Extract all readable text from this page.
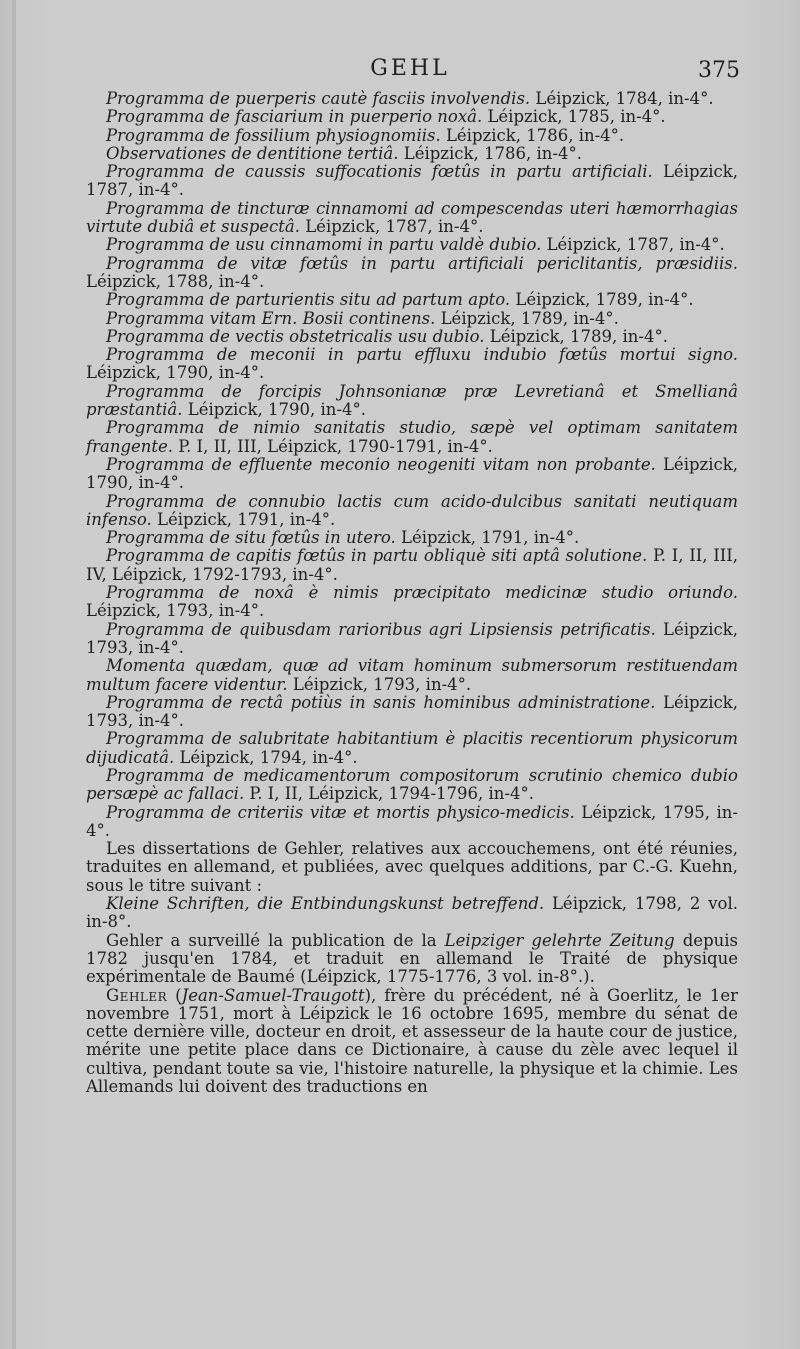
GEHL	375

Programma de puerperis cautè fasciis involvendis. Léipzick, 1784, in-4°.

Programma de fasciarium in puerperio noxâ. Léipzick, 1785, in-4°.

Programma de fossilium physiognomiis. Léipzick, 1786, in-4°.

Observationes de dentitione tertiâ. Léipzick, 1786, in-4°.

Programma de caussis suffocationis fœtûs in partu artificiali. Léipzick, 1787, in-4°.

Programma de tincturæ cinnamomi ad compescendas uteri hæmorrhagias virtute dubiâ et suspectâ. Léipzick, 1787, in-4°.

Programma de usu cinnamomi in partu valdè dubio. Léipzick, 1787, in-4°.

Programma de vitæ fœtûs in partu artificiali periclitantis, præsidiis. Léipzick, 1788, in-4°.

Programma de parturientis situ ad partum apto. Léipzick, 1789, in-4°.

Programma vitam Ern. Bosii continens. Léipzick, 1789, in-4°.

Programma de vectis obstetricalis usu dubio. Léipzick, 1789, in-4°.

Programma de meconii in partu effluxu indubio fœtûs mortui signo. Léipzick, 1790, in-4°.

Programma de forcipis Johnsonianæ præ Levretianâ et Smellianâ præstantiâ. Léipzick, 1790, in-4°.

Programma de nimio sanitatis studio, sæpè vel optimam sanitatem frangente. P. I, II, III, Léipzick, 1790-1791, in-4°.

Programma de effluente meconio neogeniti vitam non probante. Léipzick, 1790, in-4°.

Programma de connubio lactis cum acido-dulcibus sanitati neutiquam infenso. Léipzick, 1791, in-4°.

Programma de situ fœtûs in utero. Léipzick, 1791, in-4°.

Programma de capitis fœtûs in partu obliquè siti aptâ solutione. P. I, II, III, IV, Léipzick, 1792-1793, in-4°.

Programma de noxâ è nimis præcipitato medicinæ studio oriundo. Léipzick, 1793, in-4°.

Programma de quibusdam rarioribus agri Lipsiensis petrificatis. Léipzick, 1793, in-4°.

Momenta quædam, quæ ad vitam hominum submersorum restituendam multum facere videntur. Léipzick, 1793, in-4°.

Programma de rectâ potiùs in sanis hominibus administratione. Léipzick, 1793, in-4°.

Programma de salubritate habitantium è placitis recentiorum physicorum dijudicatâ. Léipzick, 1794, in-4°.

Programma de medicamentorum compositorum scrutinio chemico dubio persæpè ac fallaci. P. I, II, Léipzick, 1794-1796, in-4°.

Programma de criteriis vitæ et mortis physico-medicis. Léipzick, 1795, in-4°.

Les dissertations de Gehler, relatives aux accouchemens, ont été réunies, traduites en allemand, et publiées, avec quelques additions, par C.-G. Kuehn, sous le titre suivant :

Kleine Schriften, die Entbindungskunst betreffend. Léipzick, 1798, 2 vol. in-8°.

Gehler a surveillé la publication de la Leipziger gelehrte Zeitung depuis 1782 jusqu'en 1784, et traduit en allemand le Traité de physique expérimentale de Baumé (Léipzick, 1775-1776, 3 vol. in-8°.).

Gehler (Jean-Samuel-Traugott), frère du précédent, né à Goerlitz, le 1er novembre 1751, mort à Léipzick le 16 octobre 1695, membre du sénat de cette dernière ville, docteur en droit, et assesseur de la haute cour de justice, mérite une petite place dans ce Dictionaire, à cause du zèle avec lequel il cultiva, pendant toute sa vie, l'histoire naturelle, la physique et la chimie. Les Allemands lui doivent des traductions en
